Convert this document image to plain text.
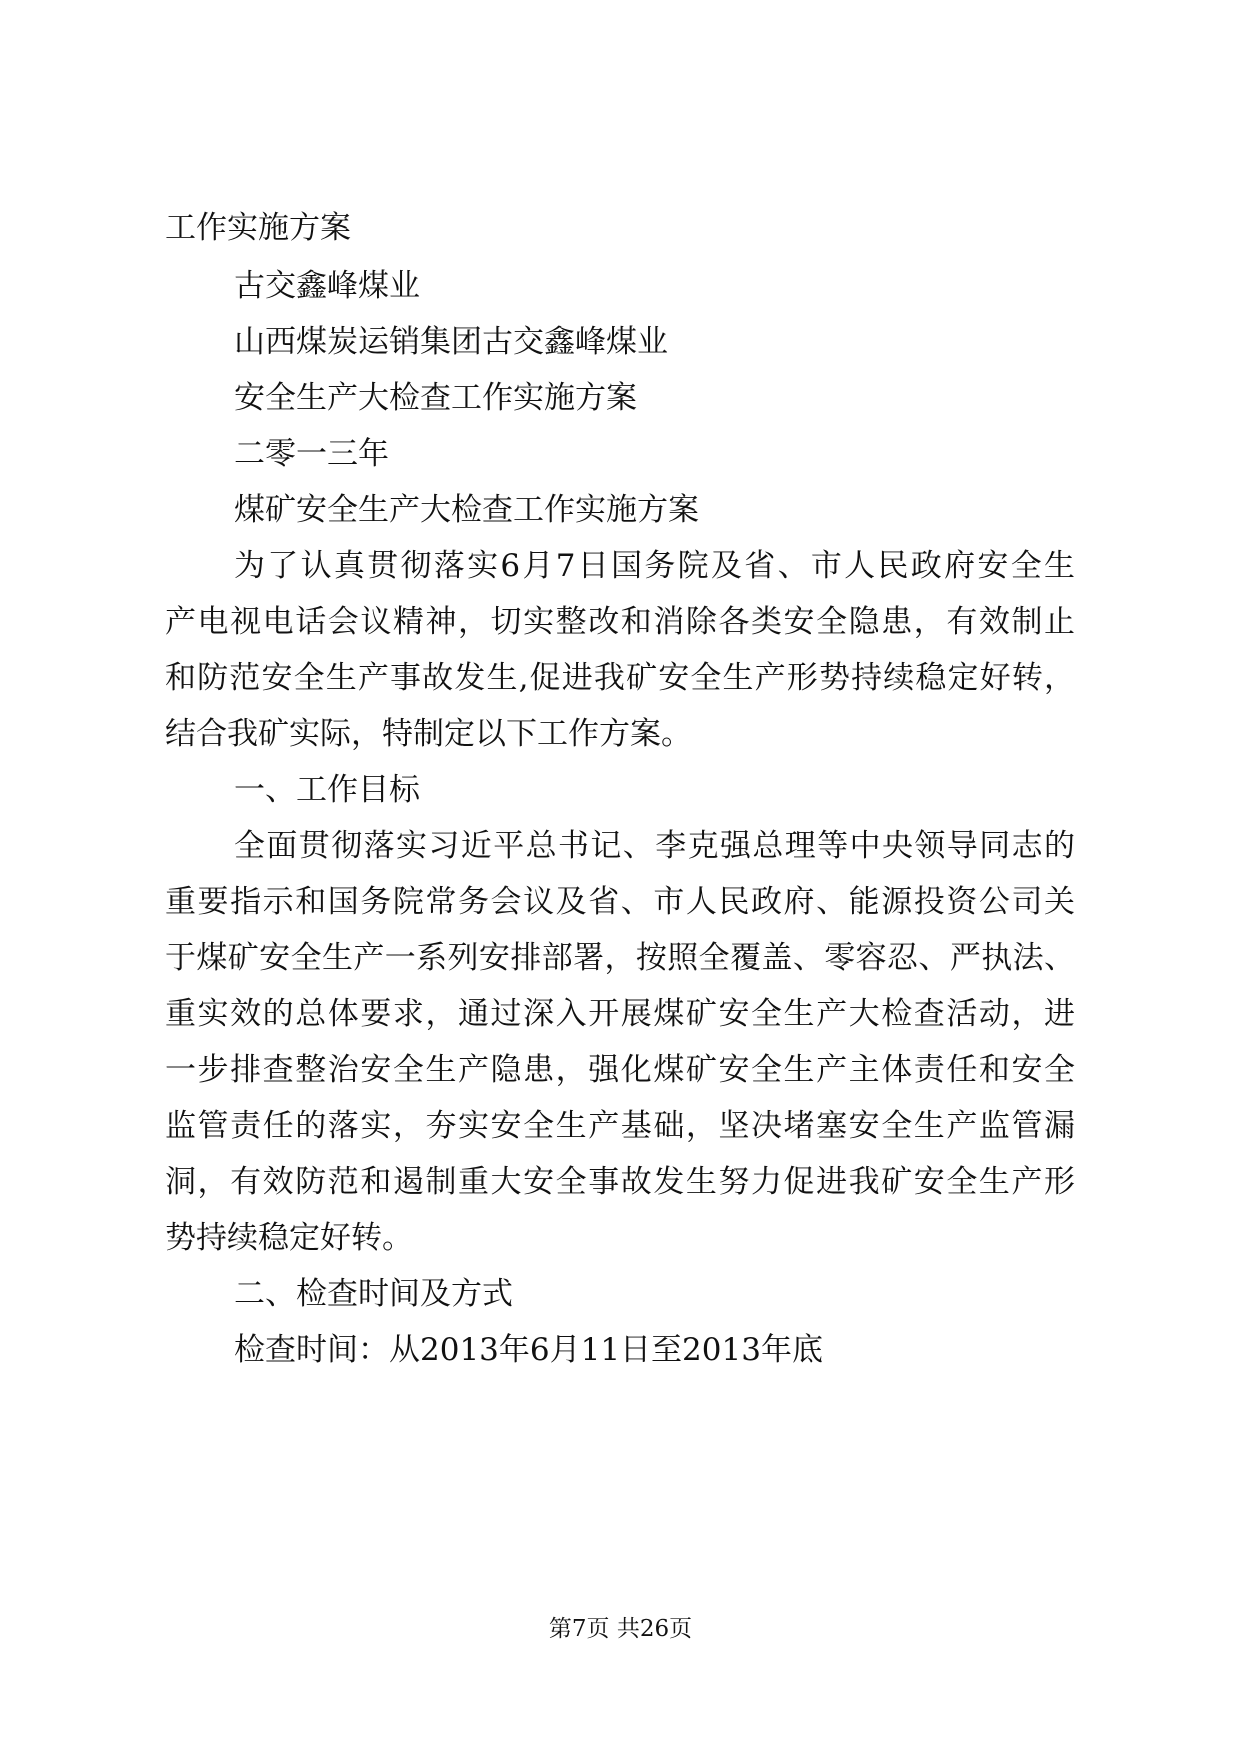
工作实施方案
古交鑫峰煤业
山西煤炭运销集团古交鑫峰煤业
安全生产大检查工作实施方案
二零一三年
煤矿安全生产大检查工作实施方案
为了认真贯彻落实6月7日国务院及省、市人民政府安全生
产电视电话会议精神，切实整改和消除各类安全隐患，有效制止
和防范安全生产事故发生,促进我矿安全生产形势持续稳定好转，
结合我矿实际，特制定以下工作方案。
一、工作目标
全面贯彻落实习近平总书记、李克强总理等中央领导同志的
重要指示和国务院常务会议及省、市人民政府、能源投资公司关
于煤矿安全生产一系列安排部署，按照全覆盖、零容忍、严执法、
重实效的总体要求，通过深入开展煤矿安全生产大检查活动，进
一步排查整治安全生产隐患，强化煤矿安全生产主体责任和安全
监管责任的落实，夯实安全生产基础，坚决堵塞安全生产监管漏
洞，有效防范和遏制重大安全事故发生努力促进我矿安全生产形
势持续稳定好转。
二、检查时间及方式
检查时间：从2013年6月11日至2013年底
第7页 共26页
